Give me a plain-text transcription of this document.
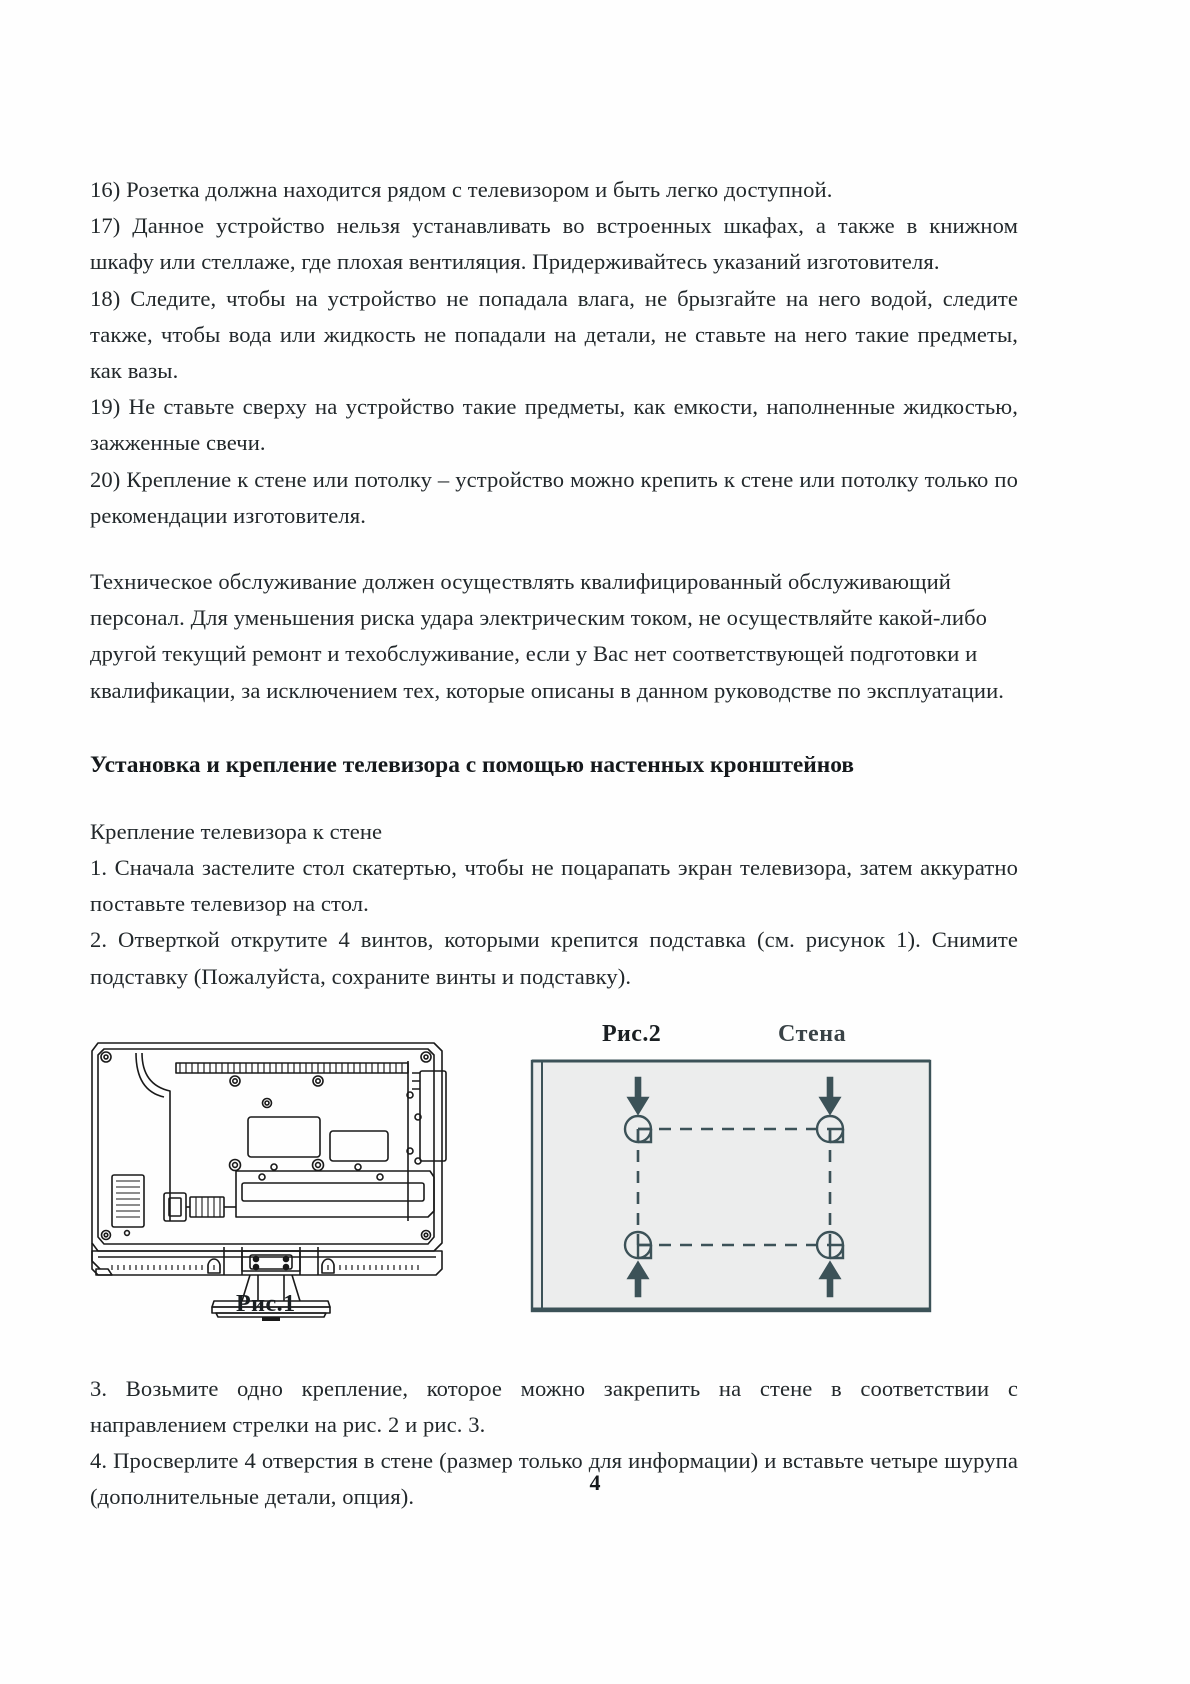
16) Розетка должна находится рядом с телевизором и быть легко доступной.

17) Данное устройство нельзя устанавливать во встроенных шкафах, а также в книжном шкафу или стеллаже, где плохая вентиляция. Придерживайтесь указаний изготовителя.

18) Следите, чтобы на устройство не попадала влага, не брызгайте на него водой, следите также, чтобы вода или жидкость не попадали на детали, не ставьте на него такие предметы, как вазы.

19) Не ставьте сверху на устройство такие предметы, как емкости, наполненные жидкостью, зажженные свечи.

20) Крепление к стене или потолку – устройство можно крепить к стене или потолку только по рекомендации изготовителя.

Техническое обслуживание должен осуществлять квалифицированный обслуживающий персонал. Для уменьшения риска удара электрическим током, не осуществляйте какой-либо другой текущий ремонт и техобслуживание, если у Вас нет соответствующей подготовки и квалификации, за исключением тех, которые описаны в данном руководстве по эксплуатации.

Установка и крепление телевизора с помощью настенных кронштейнов

Крепление телевизора к стене

1. Сначала застелите стол скатертью, чтобы не поцарапать экран телевизора, затем аккуратно поставьте телевизор на стол.

2. Отверткой открутите 4 винтов, которыми крепится подставка (см. рисунок 1). Снимите подставку (Пожалуйста, сохраните винты и подставку).

Рис.1
Рис.2	Стена

3. Возьмите одно крепление, которое можно закрепить на стене в соответствии с направлением стрелки на рис. 2 и рис. 3.

4. Просверлите 4 отверстия в стене (размер только для информации) и вставьте четыре шурупа (дополнительные детали, опция).

4
